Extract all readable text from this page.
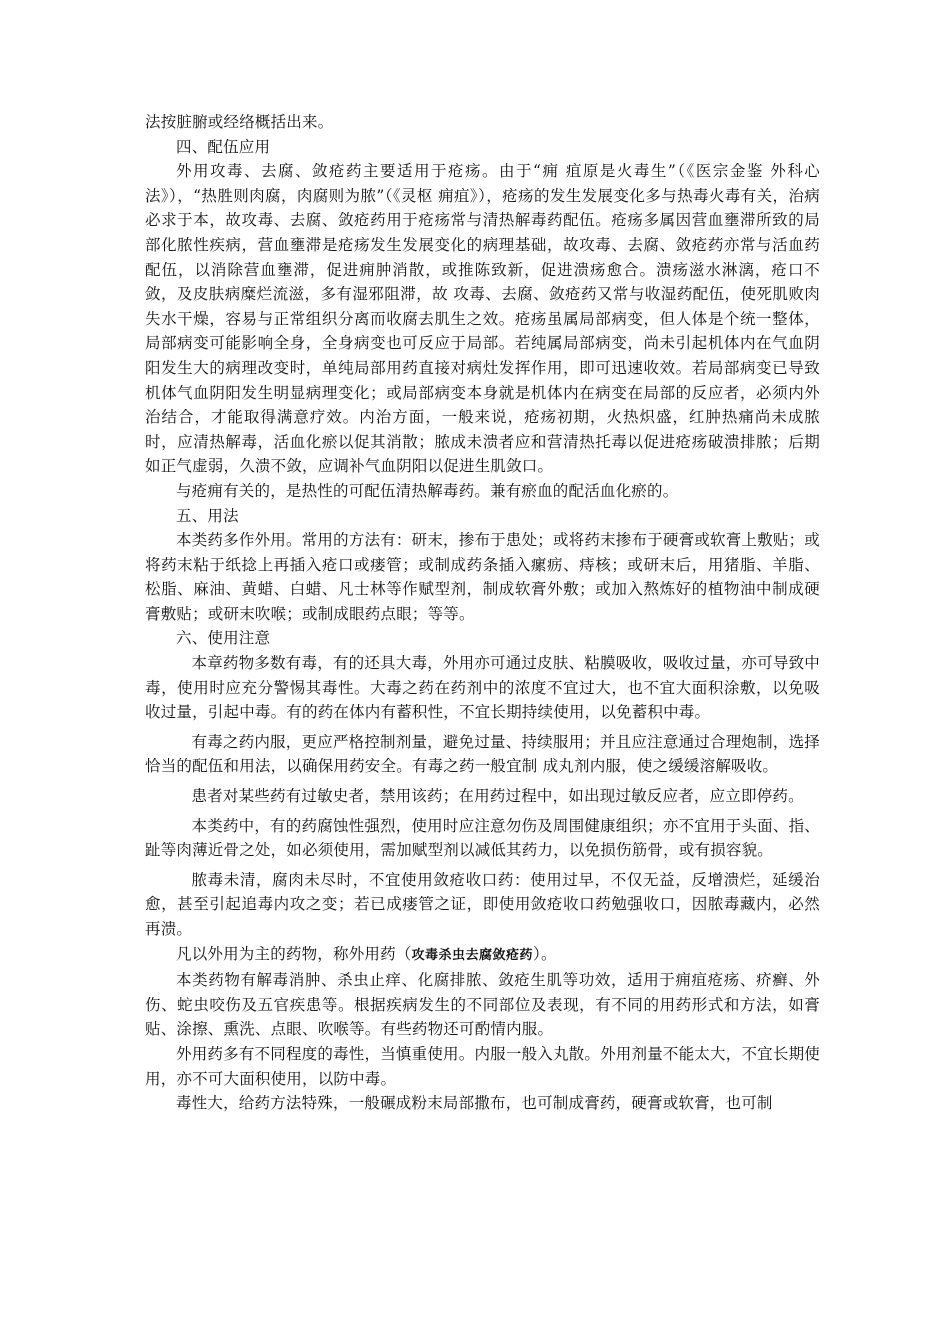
法按脏腑或经络概括出来。

四、配伍应用

外用攻毒、去腐、敛疮药主要适用于疮疡。由于“痈 疽原是火毒生”（《医宗金鉴 外科心法》），“热胜则肉腐，肉腐则为脓”（《灵枢 痈疽》），疮疡的发生发展变化多与热毒火毒有关，治病必求于本，故攻毒、去腐、敛疮药用于疮疡常与清热解毒药配伍。疮疡多属因营血壅滞所致的局部化脓性疾病，营血壅滞是疮疡发生发展变化的病理基础，故攻毒、去腐、敛疮药亦常与活血药配伍，以消除营血壅滞，促进痈肿消散，或推陈致新，促进溃疡愈合。溃疡滋水淋漓，疮口不敛，及皮肤病糜烂流滋，多有湿邪阻滞，故 攻毒、去腐、敛疮药又常与收湿药配伍，使死肌败肉失水干燥，容易与正常组织分离而收腐去肌生之效。疮疡虽属局部病变，但人体是个统一整体，局部病变可能影响全身，全身病变也可反应于局部。若纯属局部病变，尚未引起机体内在气血阴阳发生大的病理改变时，单纯局部用药直接对病灶发挥作用，即可迅速收效。若局部病变已导致机体气血阴阳发生明显病理变化；或局部病变本身就是机体内在病变在局部的反应者，必须内外治结合，才能取得满意疗效。内治方面，一般来说，疮疡初期，火热炽盛，红肿热痛尚未成脓时，应清热解毒，活血化瘀以促其消散；脓成未溃者应和营清热托毒以促进疮疡破溃排脓；后期如正气虚弱，久溃不敛，应调补气血阴阳以促进生肌敛口。

与疮痈有关的，是热性的可配伍清热解毒药。兼有瘀血的配活血化瘀的。

五、用法

本类药多作外用。常用的方法有：研末，掺布于患处；或将药末掺布于硬膏或软膏上敷贴；或将药末粘于纸捻上再插入疮口或瘘管；或制成药条插入瘰疬、痔核；或研末后，用猪脂、羊脂、松脂、麻油、黄蜡、白蜡、凡士林等作赋型剂，制成软膏外敷；或加入熬炼好的植物油中制成硬膏敷贴；或研末吹喉；或制成眼药点眼；等等。

六、使用注意

本章药物多数有毒，有的还具大毒，外用亦可通过皮肤、粘膜吸收，吸收过量，亦可导致中毒，使用时应充分警惕其毒性。大毒之药在药剂中的浓度不宜过大，也不宜大面积涂敷，以免吸收过量，引起中毒。有的药在体内有蓄积性，不宜长期持续使用，以免蓄积中毒。

有毒之药内服，更应严格控制剂量，避免过量、持续服用；并且应注意通过合理炮制，选择恰当的配伍和用法，以确保用药安全。有毒之药一般宜制 成丸剂内服，使之缓缓溶解吸收。

患者对某些药有过敏史者，禁用该药；在用药过程中，如出现过敏反应者，应立即停药。

本类药中，有的药腐蚀性强烈，使用时应注意勿伤及周围健康组织；亦不宜用于头面、指、趾等肉薄近骨之处，如必须使用，需加赋型剂以减低其药力，以免损伤筋骨，或有损容貌。

脓毒未清，腐肉未尽时，不宜使用敛疮收口药：使用过早，不仅无益，反增溃烂，延缓治愈，甚至引起追毒内攻之变；若已成瘘管之证，即使用敛疮收口药勉强收口，因脓毒藏内，必然再溃。

凡以外用为主的药物，称外用药（攻毒杀虫去腐敛疮药）。

本类药物有解毒消肿、杀虫止痒、化腐排脓、敛疮生肌等功效，适用于痈疽疮疡、疥癣、外伤、蛇虫咬伤及五官疾患等。根据疾病发生的不同部位及表现，有不同的用药形式和方法，如膏贴、涂擦、熏洗、点眼、吹喉等。有些药物还可酌情内服。

外用药多有不同程度的毒性，当慎重使用。内服一般入丸散。外用剂量不能太大，不宜长期使用，亦不可大面积使用，以防中毒。

毒性大，给药方法特殊，一般碾成粉末局部撒布，也可制成膏药，硬膏或软膏，也可制
